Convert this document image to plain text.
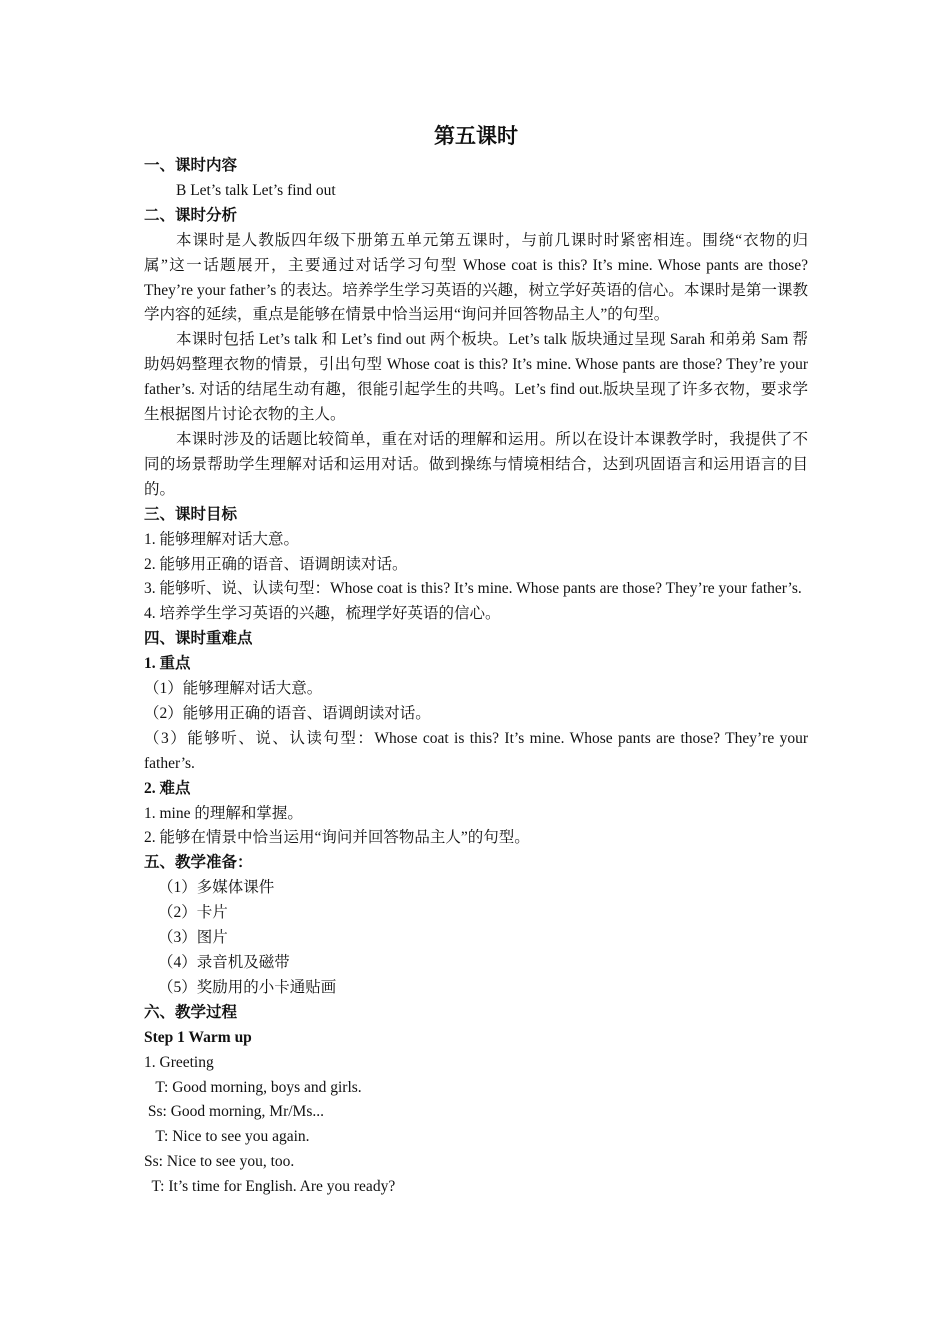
第五课时

一、课时内容

B Let’s talk Let’s find out

二、课时分析

本课时是人教版四年级下册第五单元第五课时，与前几课时时紧密相连。围绕“衣物的归属”这一话题展开，主要通过对话学习句型 Whose coat is this? It’s mine. Whose pants are those? They’re your father’s 的表达。培养学生学习英语的兴趣，树立学好英语的信心。本课时是第一课教学内容的延续，重点是能够在情景中恰当运用“询问并回答物品主人”的句型。

本课时包括 Let’s talk 和 Let’s find out 两个板块。Let’s talk 版块通过呈现 Sarah 和弟弟 Sam 帮助妈妈整理衣物的情景，引出句型 Whose coat is this? It’s mine. Whose pants are those? They’re your father’s. 对话的结尾生动有趣，很能引起学生的共鸣。Let’s find out.版块呈现了许多衣物，要求学生根据图片讨论衣物的主人。

本课时涉及的话题比较简单，重在对话的理解和运用。所以在设计本课教学时，我提供了不同的场景帮助学生理解对话和运用对话。做到操练与情境相结合，达到巩固语言和运用语言的目的。

三、课时目标

1. 能够理解对话大意。

2. 能够用正确的语音、语调朗读对话。

3. 能够听、说、认读句型：Whose coat is this? It’s mine. Whose pants are those? They’re your father’s.

4. 培养学生学习英语的兴趣，梳理学好英语的信心。

四、课时重难点

1. 重点

（1）能够理解对话大意。

（2）能够用正确的语音、语调朗读对话。

（3）能够听、说、认读句型：Whose coat is this? It’s mine. Whose pants are those? They’re your father’s.

2. 难点

1. mine 的理解和掌握。

2. 能够在情景中恰当运用“询问并回答物品主人”的句型。

五、教学准备：

（1）多媒体课件

（2）卡片

（3）图片

（4）录音机及磁带

（5）奖励用的小卡通贴画

六、教学过程

Step 1 Warm up

1. Greeting

T: Good morning, boys and girls.

Ss: Good morning, Mr/Ms...

T: Nice to see you again.

Ss: Nice to see you, too.

T: It’s time for English. Are you ready?
